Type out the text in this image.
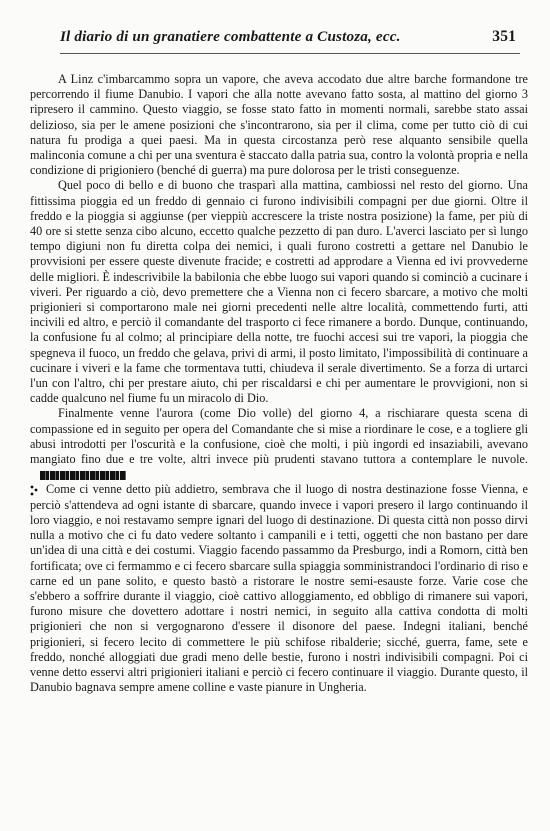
Il diario di un granatiere combattente a Custoza, ecc.	351

A Linz c'imbarcammo sopra un vapore, che aveva accodato due altre barche formandone tre percorrendo il fiume Danubio. I vapori che alla notte avevano fatto sosta, al mattino del giorno 3 ripresero il cammino. Questo viaggio, se fosse stato fatto in momenti normali, sarebbe stato assai delizioso, sia per le amene posizioni che s'incontrarono, sia per il clima, come per tutto ciò di cui natura fu prodiga a quei paesi. Ma in questa circostanza però rese alquanto sensibile quella malinconia comune a chi per una sventura è staccato dalla patria sua, contro la volontà propria e nella condizione di prigioniero (benché di guerra) ma pure dolorosa per le tristi conseguenze.

Quel poco di bello e di buono che trasparì alla mattina, cambiossi nel resto del giorno. Una fittissima pioggia ed un freddo di gennaio ci furono indivisibili compagni per due giorni. Oltre il freddo e la pioggia si aggiunse (per vieppiù accrescere la triste nostra posizione) la fame, per più di 40 ore si stette senza cibo alcuno, eccetto qualche pezzetto di pan duro. L'averci lasciato per sì lungo tempo digiuni non fu diretta colpa dei nemici, i quali furono costretti a gettare nel Danubio le provvisioni per essere queste divenute fracide; e costretti ad approdare a Vienna ed ivi provvederne delle migliori. È indescrivibile la babilonia che ebbe luogo sui vapori quando si cominciò a cucinare i viveri. Per riguardo a ciò, devo premettere che a Vienna non ci fecero sbarcare, a motivo che molti prigionieri si comportarono male nei giorni precedenti nelle altre località, commettendo furti, atti incivili ed altro, e perciò il comandante del trasporto ci fece rimanere a bordo. Dunque, continuando, la confusione fu al colmo; al principiare della notte, tre fuochi accesi sui tre vapori, la pioggia che spegneva il fuoco, un freddo che gelava, privi di armi, il posto limitato, l'impossibilità di continuare a cucinare i viveri e la fame che tormentava tutti, chiudeva il serale divertimento. Se a forza di urtarci l'un con l'altro, chi per prestare aiuto, chi per riscaldarsi e chi per aumentare le provvigioni, non si cadde qualcuno nel fiume fu un miracolo di Dio.

Finalmente venne l'aurora (come Dio volle) del giorno 4, a rischiarare questa scena di compassione ed in seguito per opera del Comandante che si mise a riordinare le cose, e a togliere gli abusi introdotti per l'oscurità e la confusione, cioè che molti, i più ingordi ed insaziabili, avevano mangiato fino due e tre volte, altri invece più prudenti stavano tuttora a contemplare le nuvole.

Come ci venne detto più addietro, sembrava che il luogo di nostra destinazione fosse Vienna, e perciò s'attendeva ad ogni istante di sbarcare, quando invece i vapori presero il largo continuando il loro viaggio, e noi restavamo sempre ignari del luogo di destinazione. Di questa città non posso dirvi nulla a motivo che ci fu dato vedere soltanto i campanili e i tetti, oggetti che non bastano per dare un'idea di una città e dei costumi. Viaggio facendo passammo da Presburgo, indi a Romorn, città ben fortificata; ove ci fermammo e ci fecero sbarcare sulla spiaggia somministrandoci l'ordinario di riso e carne ed un pane solito, e questo bastò a ristorare le nostre semi-esauste forze. Varie cose che s'ebbero a soffrire durante il viaggio, cioè cattivo alloggiamento, ed obbligo di rimanere sui vapori, furono misure che dovettero adottare i nostri nemici, in seguito alla cattiva condotta di molti prigionieri che non si vergognarono d'essere il disonore del paese. Indegni italiani, benché prigionieri, si fecero lecito di commettere le più schifose ribalderie; sicché, guerra, fame, sete e freddo, nonché alloggiati due gradi meno delle bestie, furono i nostri indivisibili compagni. Poi ci venne detto esservi altri prigionieri italiani e perciò ci fecero continuare il viaggio. Durante questo, il Danubio bagnava sempre amene colline e vaste pianure in Ungheria.
